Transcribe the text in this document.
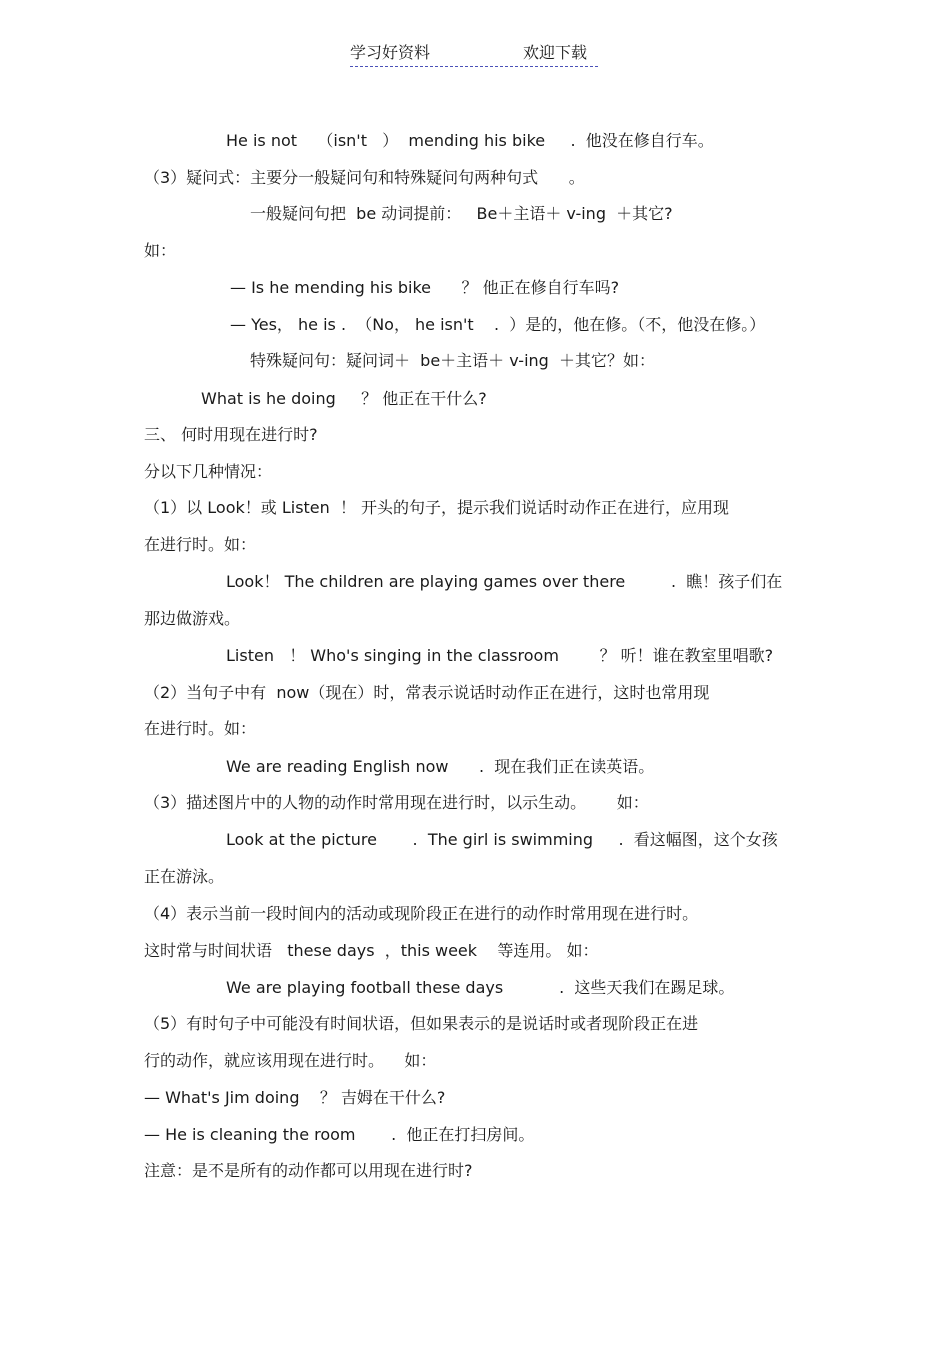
学习好资料	欢迎下载

He is not    （isn't   ）  mending his bike     .  他没在修自行车。

（3）疑问式：主要分一般疑问句和特殊疑问句两种句式      。

一般疑问句把  be 动词提前：   Be＋主语＋ v-ing  ＋其它?

如：

— Is he mending his bike      ？ 他正在修自行车吗?

— Yes， he is .  （No， he isn't    .  ）是的，他在修。（不，他没在修。）

特殊疑问句：疑问词＋  be＋主语＋ v-ing  ＋其它？如：

What is he doing     ？ 他正在干什么?

三、 何时用现在进行时?

分以下几种情况：

（1）以 Look！或 Listen  ！ 开头的句子，提示我们说话时动作正在进行，应用现

在进行时。如：

Look！ The children are playing games over there         .  瞧！孩子们在

那边做游戏。

Listen   ！ Who's singing in the classroom        ？ 听！谁在教室里唱歌?

（2）当句子中有  now（现在）时，常表示说话时动作正在进行，这时也常用现

在进行时。如：

We are reading English now      .  现在我们正在读英语。

（3）描述图片中的人物的动作时常用现在进行时，以示生动。      如：

Look at the picture       .  The girl is swimming     .  看这幅图，这个女孩

正在游泳。

（4）表示当前一段时间内的活动或现阶段正在进行的动作时常用现在进行时。

这时常与时间状语   these days  ，this week    等连用。 如：

We are playing football these days           .  这些天我们在踢足球。

（5）有时句子中可能没有时间状语，但如果表示的是说话时或者现阶段正在进

行的动作，就应该用现在进行时。    如：

— What's Jim doing    ？ 吉姆在干什么?

— He is cleaning the room       .  他正在打扫房间。

注意：是不是所有的动作都可以用现在进行时?
